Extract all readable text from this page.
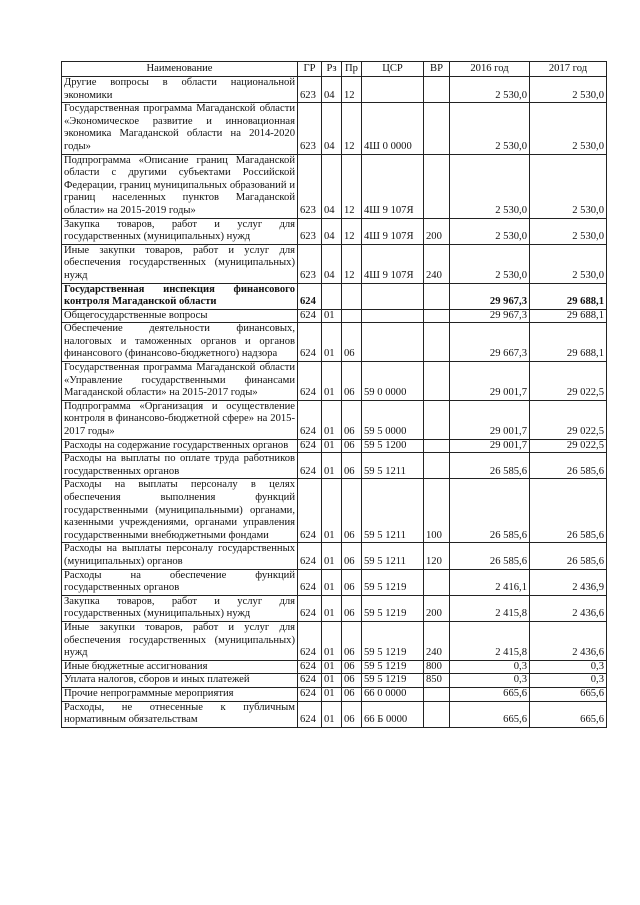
Наименование	ГР	Рз	Пр	ЦСР	ВР	2016 год	2017 год
Другие вопросы в области национальной экономики	623	04	12			2 530,0	2 530,0
Государственная программа Магаданской области «Экономическое развитие и инновационная экономика Магаданской области на 2014-2020 годы»	623	04	12	4Ш 0 0000		2 530,0	2 530,0
Подпрограмма «Описание границ Магаданской области с другими субъектами Российской Федерации, границ муниципальных образований и границ населенных пунктов Магаданской области» на 2015-2019 годы»	623	04	12	4Ш 9 107Я		2 530,0	2 530,0
Закупка товаров, работ и услуг для государственных (муниципальных) нужд	623	04	12	4Ш 9 107Я	200	2 530,0	2 530,0
Иные закупки товаров, работ и услуг для обеспечения государственных (муниципальных) нужд	623	04	12	4Ш 9 107Я	240	2 530,0	2 530,0
Государственная инспекция финансового контроля Магаданской области	624					29 967,3	29 688,1
Общегосударственные вопросы	624	01				29 967,3	29 688,1
Обеспечение деятельности финансовых, налоговых и таможенных органов и органов финансового (финансово-бюджетного) надзора	624	01	06			29 667,3	29 688,1
Государственная программа Магаданской области «Управление государственными финансами Магаданской области» на 2015-2017 годы»	624	01	06	59 0 0000		29 001,7	29 022,5
Подпрограмма «Организация и осуществление контроля в финансово-бюджетной сфере» на 2015-2017 годы»	624	01	06	59 5 0000		29 001,7	29 022,5
Расходы на содержание государственных органов	624	01	06	59 5 1200		29 001,7	29 022,5
Расходы на выплаты по оплате труда работников государственных органов	624	01	06	59 5 1211		26 585,6	26 585,6
Расходы на выплаты персоналу в целях обеспечения выполнения функций государственными (муниципальными) органами, казенными учреждениями, органами управления государственными внебюджетными фондами	624	01	06	59 5 1211	100	26 585,6	26 585,6
Расходы на выплаты персоналу государственных (муниципальных) органов	624	01	06	59 5 1211	120	26 585,6	26 585,6
Расходы на обеспечение функций государственных органов	624	01	06	59 5 1219		2 416,1	2 436,9
Закупка товаров, работ и услуг для государственных (муниципальных) нужд	624	01	06	59 5 1219	200	2 415,8	2 436,6
Иные закупки товаров, работ и услуг для обеспечения государственных (муниципальных) нужд	624	01	06	59 5 1219	240	2 415,8	2 436,6
Иные бюджетные ассигнования	624	01	06	59 5 1219	800	0,3	0,3
Уплата налогов, сборов и иных платежей	624	01	06	59 5 1219	850	0,3	0,3
Прочие непрограммные мероприятия	624	01	06	66 0 0000		665,6	665,6
Расходы, не отнесенные к публичным нормативным обязательствам	624	01	06	66 Б 0000		665,6	665,6
